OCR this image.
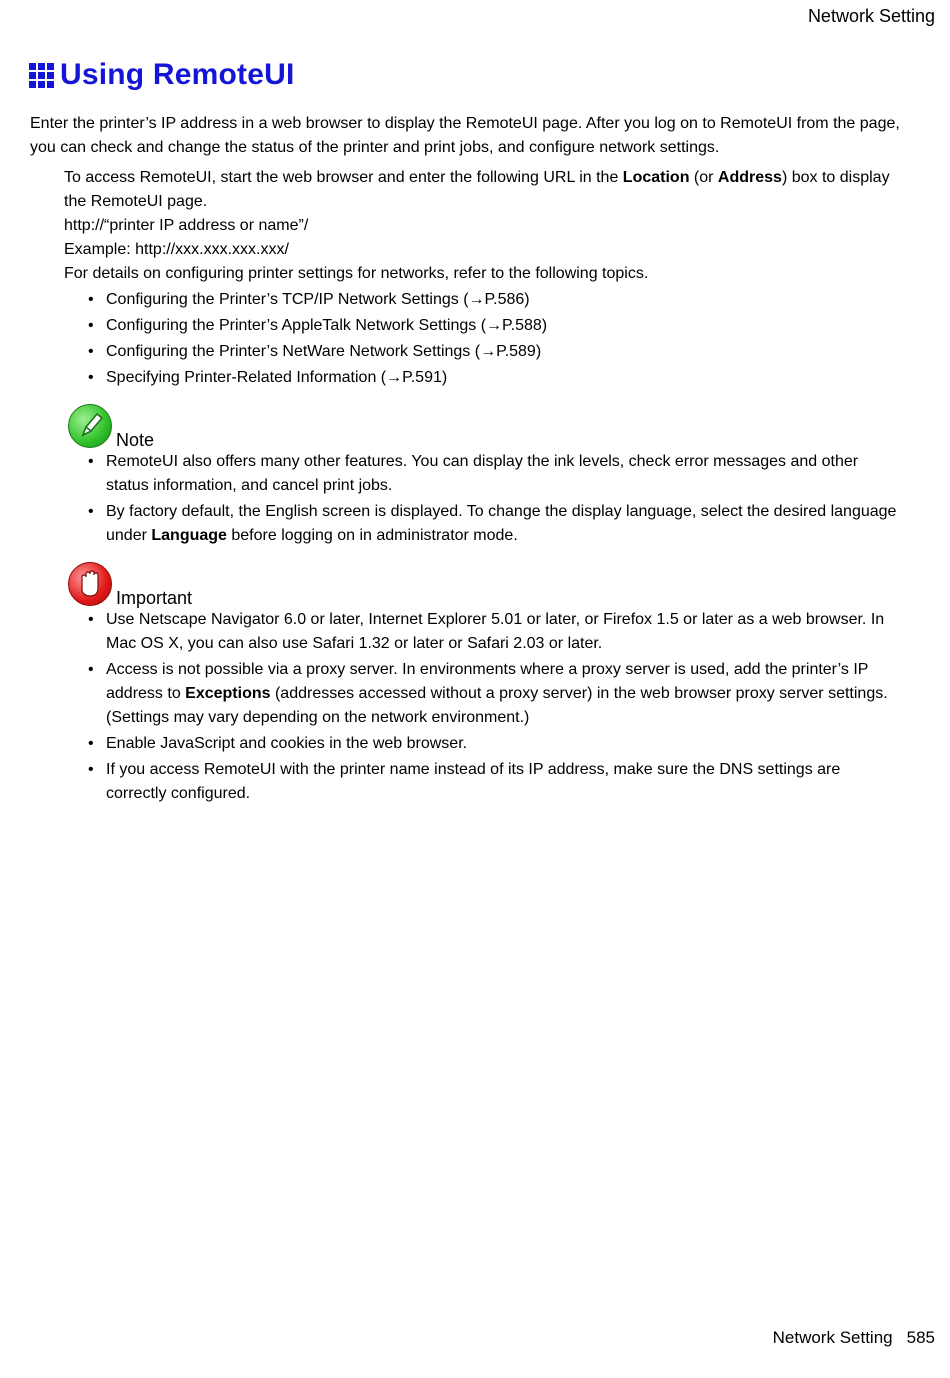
Network Setting
Using RemoteUI

Enter the printer’s IP address in a web browser to display the RemoteUI page. After you log on to RemoteUI from the page, you can check and change the status of the printer and print jobs, and configure network settings.

To access RemoteUI, start the web browser and enter the following URL in the Location (or Address) box to display the RemoteUI page.

http://“printer IP address or name”/

Example: http://xxx.xxx.xxx.xxx/

For details on configuring printer settings for networks, refer to the following topics.

• Configuring the Printer’s TCP/IP Network Settings (→P.586)
• Configuring the Printer’s AppleTalk Network Settings (→P.588)
• Configuring the Printer’s NetWare Network Settings (→P.589)
• Specifying Printer-Related Information (→P.591)
Note
• RemoteUI also offers many other features. You can display the ink levels, check error messages and other status information, and cancel print jobs.
• By factory default, the English screen is displayed. To change the display language, select the desired language under Language before logging on in administrator mode.
Important
• Use Netscape Navigator 6.0 or later, Internet Explorer 5.01 or later, or Firefox 1.5 or later as a web browser. In Mac OS X, you can also use Safari 1.32 or later or Safari 2.03 or later.
• Access is not possible via a proxy server. In environments where a proxy server is used, add the printer’s IP address to Exceptions (addresses accessed without a proxy server) in the web browser proxy server settings. (Settings may vary depending on the network environment.)
• Enable JavaScript and cookies in the web browser.
• If you access RemoteUI with the printer name instead of its IP address, make sure the DNS settings are correctly configured.
Network Setting 585
